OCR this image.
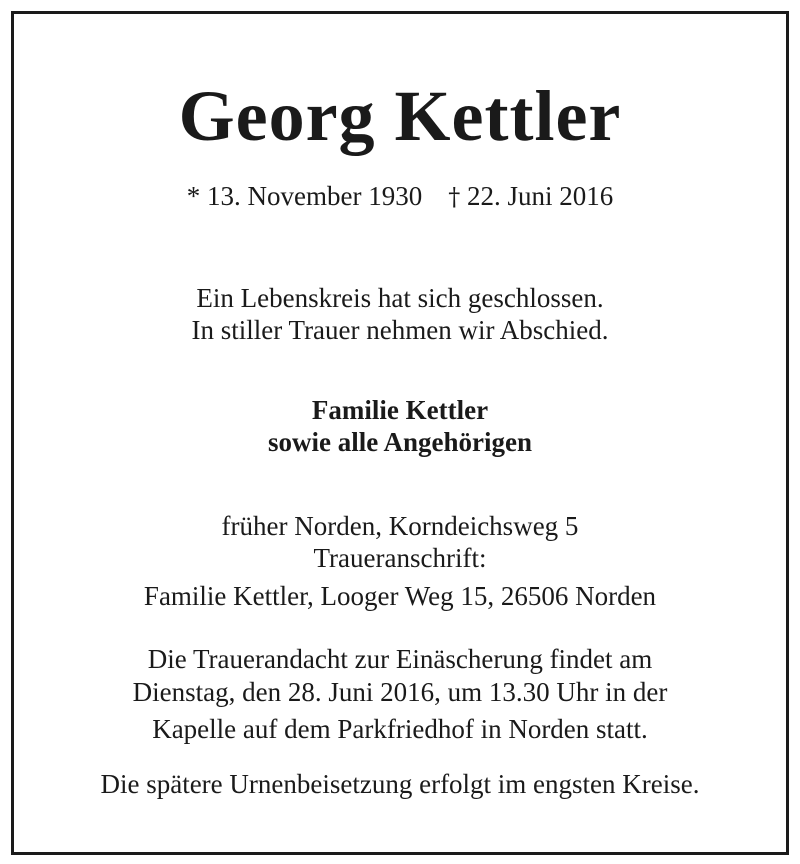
Georg Kettler
* 13. November 1930 † 22. Juni 2016
Ein Lebenskreis hat sich geschlossen.
In stiller Trauer nehmen wir Abschied.
Familie Kettler
sowie alle Angehörigen
früher Norden, Korndeichsweg 5
Traueranschrift:
Familie Kettler, Looger Weg 15, 26506 Norden
Die Trauerandacht zur Einäscherung findet am
Dienstag, den 28. Juni 2016, um 13.30 Uhr in der
Kapelle auf dem Parkfriedhof in Norden statt.
Die spätere Urnenbeisetzung erfolgt im engsten Kreise.
